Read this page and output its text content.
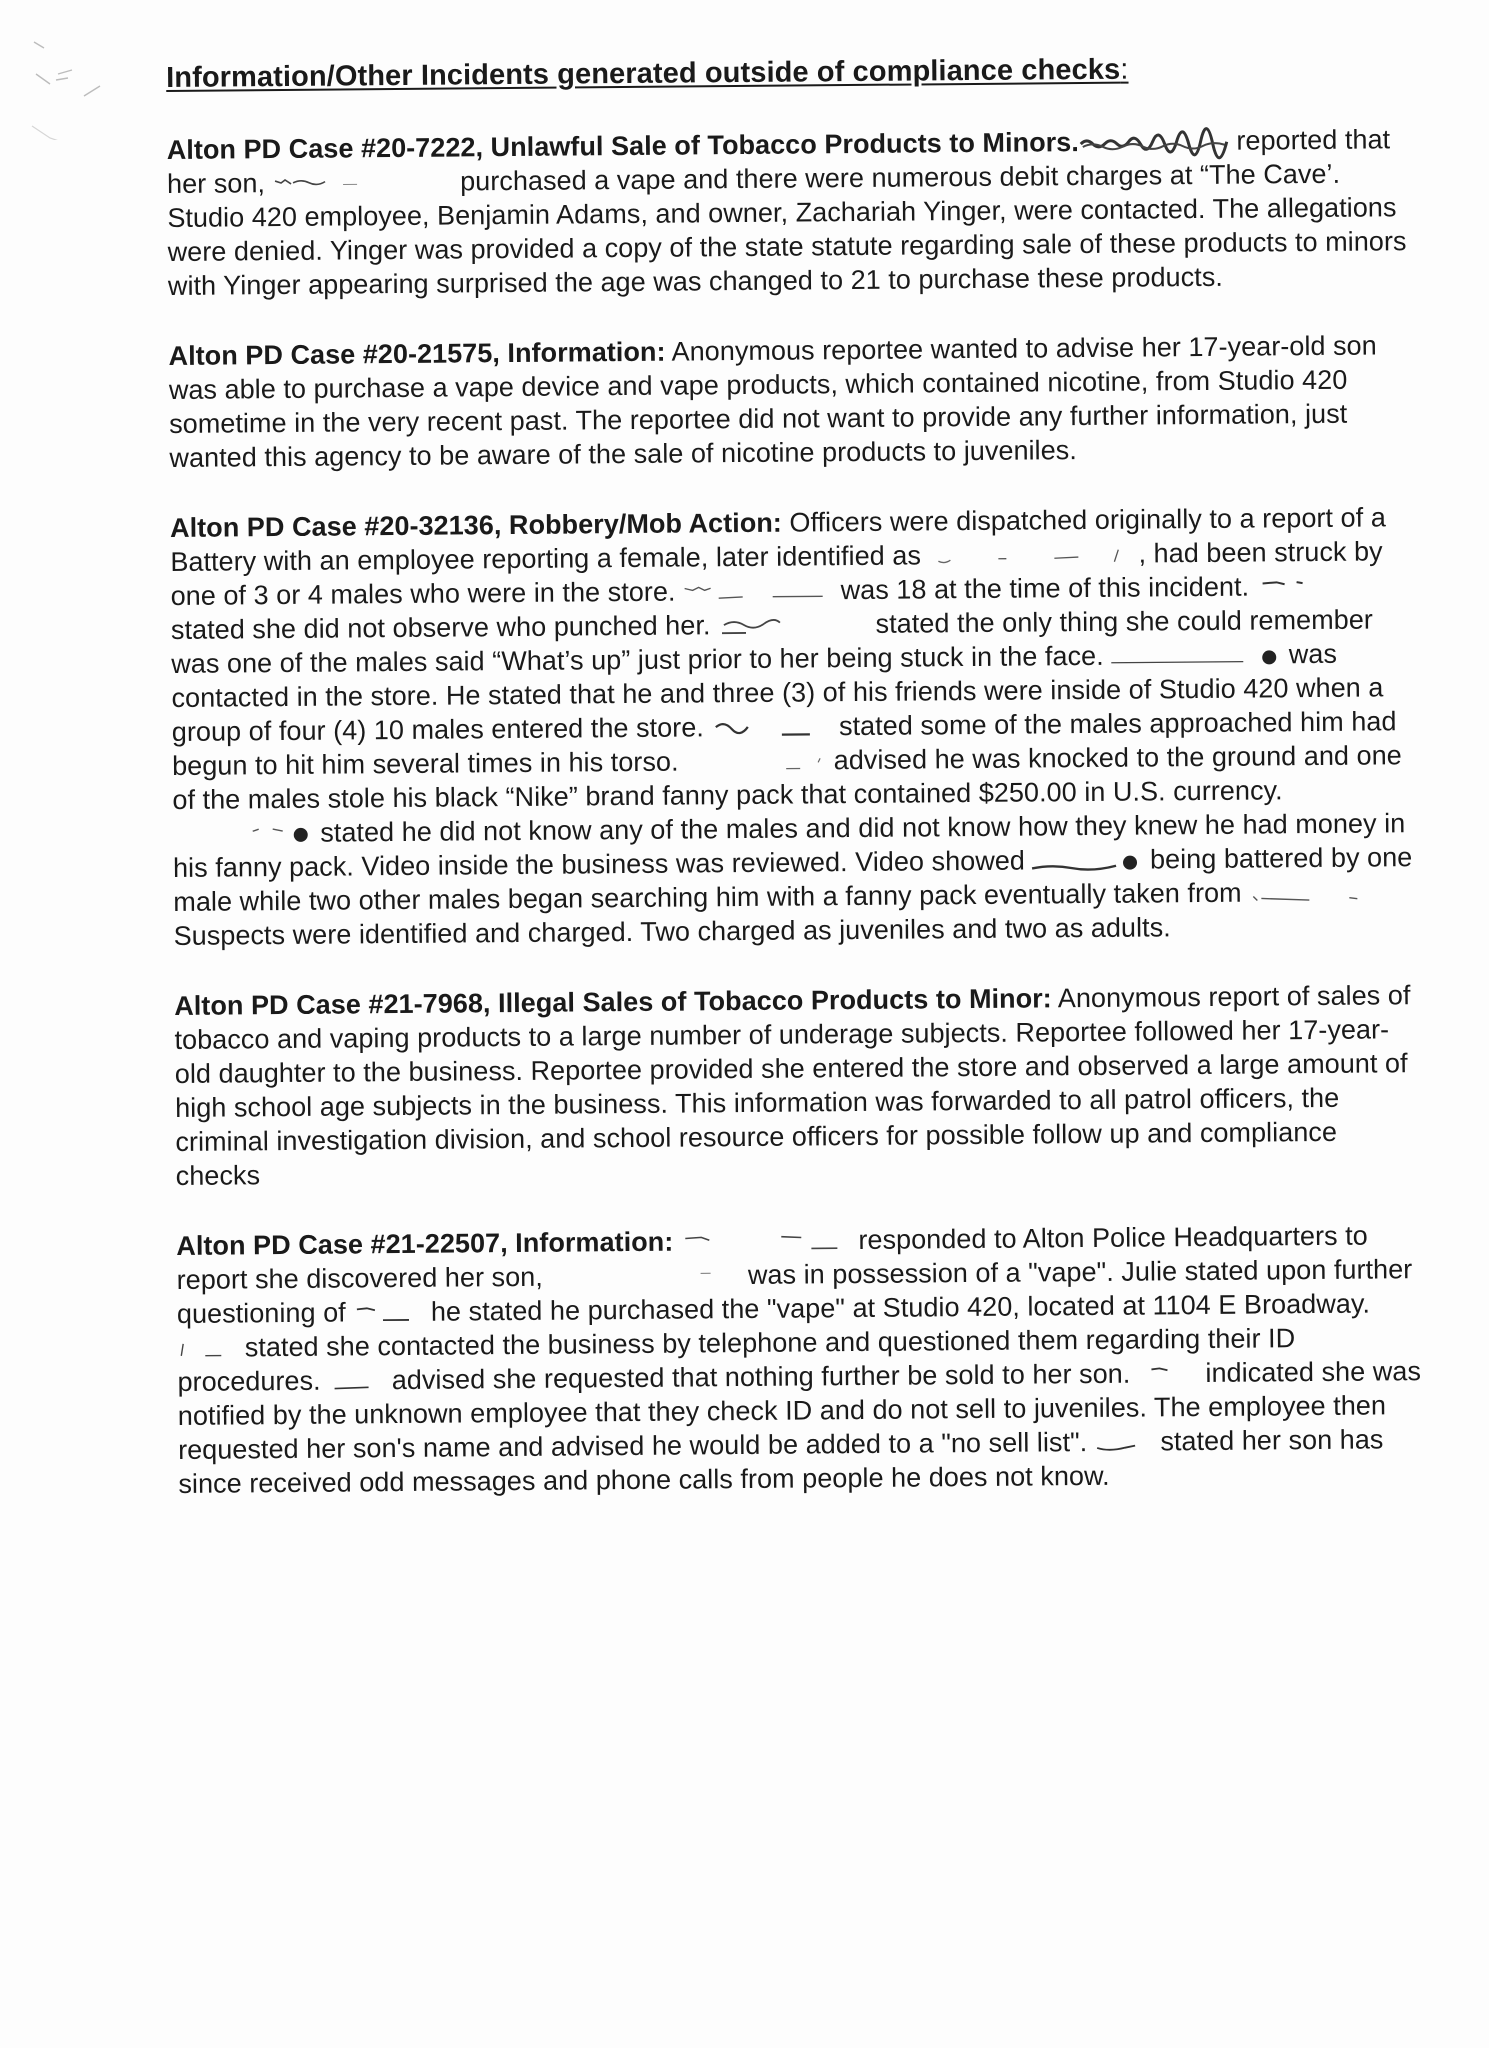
Information/Other Incidents generated outside of compliance checks:

Alton PD Case #20-7222, Unlawful Sale of Tobacco Products to Minors.	reported that her son,	purchased a vape and there were numerous debit charges at “The Cave’. Studio 420 employee, Benjamin Adams, and owner, Zachariah Yinger, were contacted. The allegations were denied. Yinger was provided a copy of the state statute regarding sale of these products to minors with Yinger appearing surprised the age was changed to 21 to purchase these products.

Alton PD Case #20-21575, Information: Anonymous reportee wanted to advise her 17-year-old son was able to purchase a vape device and vape products, which contained nicotine, from Studio 420 sometime in the very recent past. The reportee did not want to provide any further information, just wanted this agency to be aware of the sale of nicotine products to juveniles.

Alton PD Case #20-32136, Robbery/Mob Action: Officers were dispatched originally to a report of a Battery with an employee reporting a female, later identified as	, had been struck by one of 3 or 4 males who were in the store.	was 18 at the time of this incident.
stated she did not observe who punched her.	stated the only thing she could remember was one of the males said “What’s up” just prior to her being stuck in the face.	was contacted in the store. He stated that he and three (3) of his friends were inside of Studio 420 when a group of four (4) 10 males entered the store.	stated some of the males approached him had begun to hit him several times in his torso.	advised he was knocked to the ground and one of the males stole his black “Nike” brand fanny pack that contained $250.00 in U.S. currency.
stated he did not know any of the males and did not know how they knew he had money in his fanny pack. Video inside the business was reviewed. Video showed	being battered by one male while two other males began searching him with a fanny pack eventually taken from
Suspects were identified and charged. Two charged as juveniles and two as adults.

Alton PD Case #21-7968, Illegal Sales of Tobacco Products to Minor: Anonymous report of sales of tobacco and vaping products to a large number of underage subjects. Reportee followed her 17-year-old daughter to the business. Reportee provided she entered the store and observed a large amount of high school age subjects in the business. This information was forwarded to all patrol officers, the criminal investigation division, and school resource officers for possible follow up and compliance checks

Alton PD Case #21-22507, Information:	responded to Alton Police Headquarters to report she discovered her son,	was in possession of a "vape". Julie stated upon further questioning of	he stated he purchased the "vape" at Studio 420, located at 1104 E Broadway.
stated she contacted the business by telephone and questioned them regarding their ID procedures.	advised she requested that nothing further be sold to her son.	indicated she was notified by the unknown employee that they check ID and do not sell to juveniles. The employee then requested her son's name and advised he would be added to a "no sell list".	stated her son has since received odd messages and phone calls from people he does not know.
